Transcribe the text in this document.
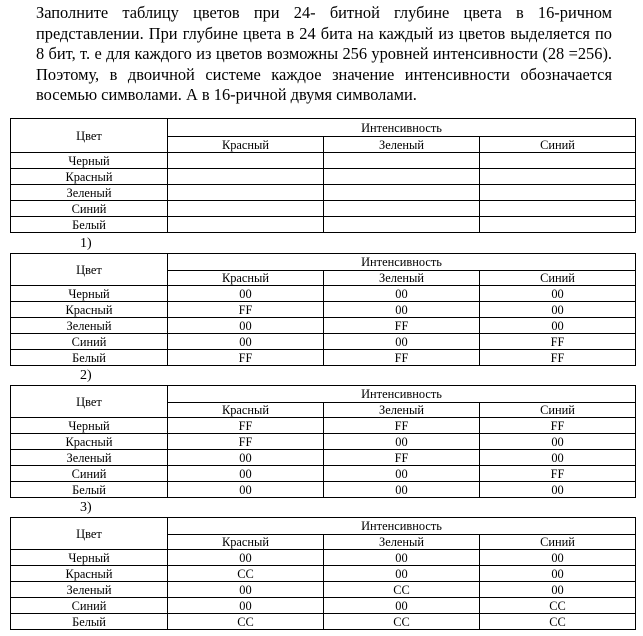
Заполните таблицу цветов при 24- битной глубине цвета в 16-ричном представлении. При глубине цвета в 24 бита на каждый из цветов выделяется по 8 бит, т. е для каждого из цветов возможны 256 уровней интенсивности (28 =256). Поэтому, в двоичной системе каждое значение интенсивности обозначается восемью символами. А в 16-ричной двумя символами.

Цвет	Интенсивность		
	Красный	Зеленый	Синий
Черный			
Красный			
Зеленый			
Синий			
Белый			

1)

Цвет	Интенсивность		
	Красный	Зеленый	Синий
Черный	00	00	00
Красный	FF	00	00
Зеленый	00	FF	00
Синий	00	00	FF
Белый	FF	FF	FF

2)

Цвет	Интенсивность		
	Красный	Зеленый	Синий
Черный	FF	FF	FF
Красный	FF	00	00
Зеленый	00	FF	00
Синий	00	00	FF
Белый	00	00	00

3)

Цвет	Интенсивность		
	Красный	Зеленый	Синий
Черный	00	00	00
Красный	CC	00	00
Зеленый	00	CC	00
Синий	00	00	CC
Белый	CC	CC	CC
